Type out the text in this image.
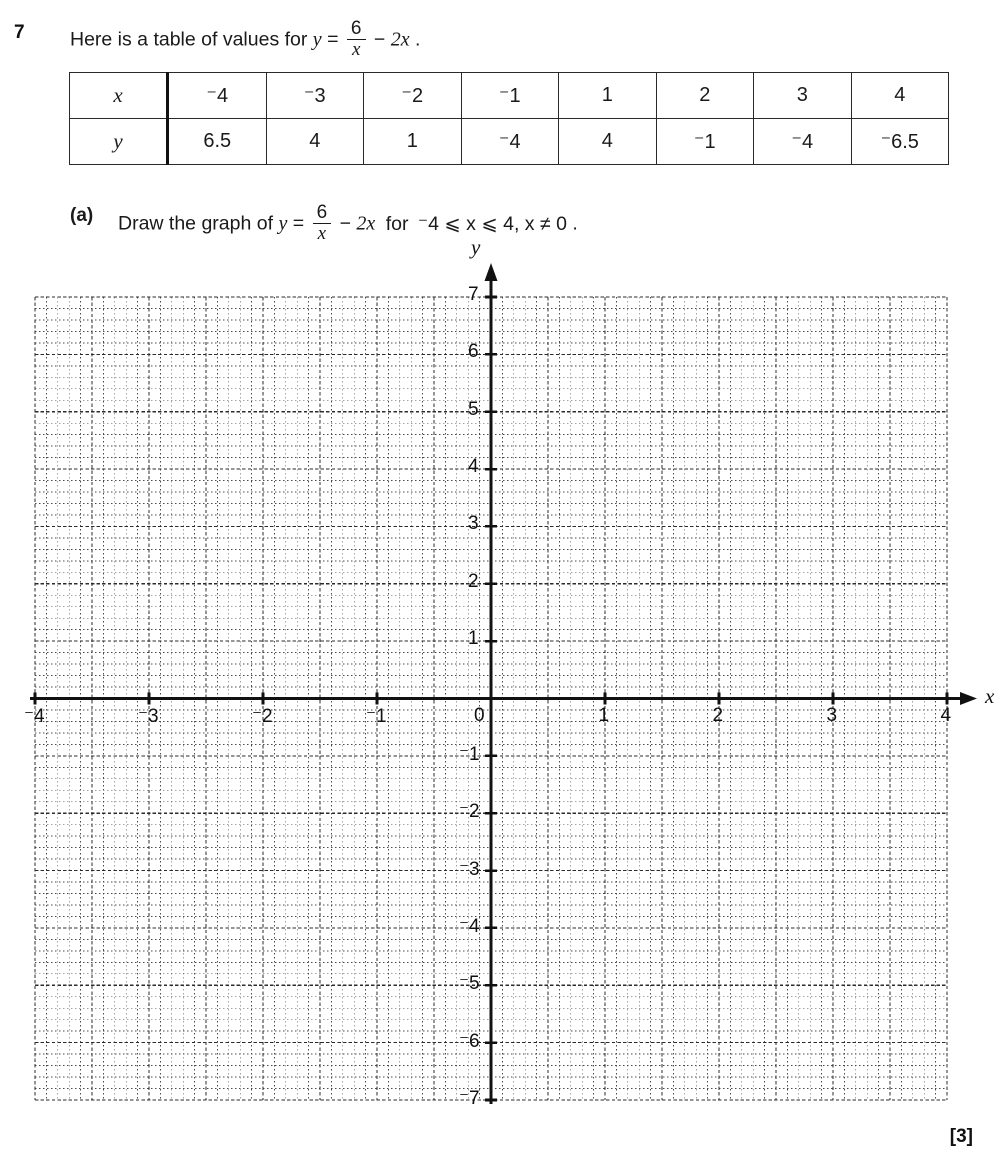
7 Here is a table of values for $y = \frac{6}{x} - 2x$ .
x	⁻4	⁻3	⁻2	⁻1	1	2	3	4
y	6.5	4	1	⁻4	4	⁻1	⁻4	⁻6.5
(a) Draw the graph of $y = \frac{6}{x} - 2x$ for ⁻4 ⩽ x ⩽ 4, x ≠ 0 .
⁻4	⁻3	⁻2	⁻1	0	1	2	3	4
7
6
5
4
3
2
1
⁻1
⁻2
⁻3
⁻4
⁻5
⁻6
⁻7
x
y
[3]
